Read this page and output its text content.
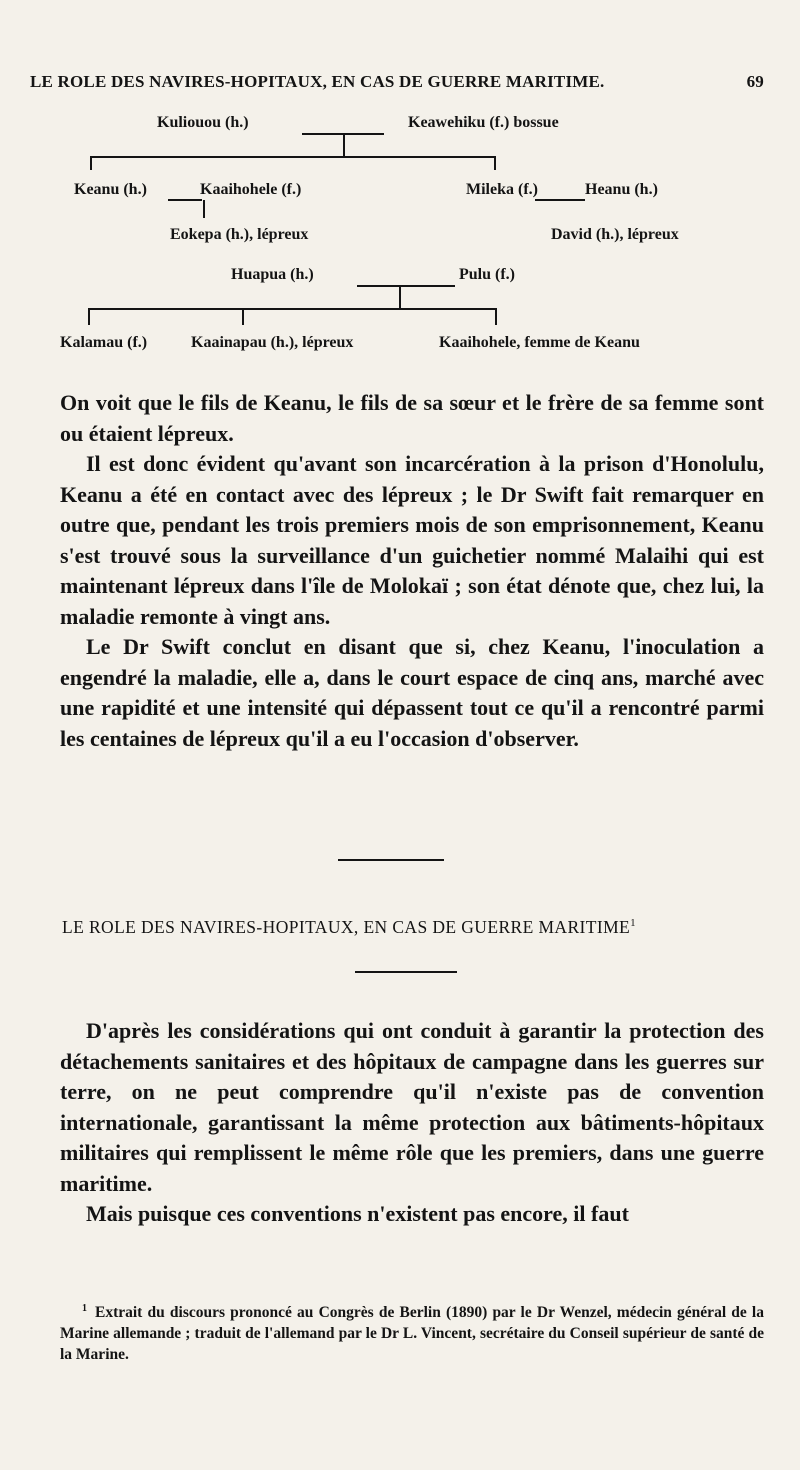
LE ROLE DES NAVIRES-HOPITAUX, EN CAS DE GUERRE MARITIME.	69
Kuliouou (h.)	Keawehiku (f.) bossue
Keanu (h.)	Kaaihohele (f.)	Mileka (f.)	Heanu (h.)
Eokepa (h.), lépreux	David (h.), lépreux
Huapua (h.)	Pulu (f.)
Kalamau (f.)	Kaainapau (h.), lépreux	Kaaihohele, femme de Keanu

On voit que le fils de Keanu, le fils de sa sœur et le frère de sa femme sont ou étaient lépreux.

Il est donc évident qu'avant son incarcération à la prison d'Honolulu, Keanu a été en contact avec des lépreux ; le Dr Swift fait remarquer en outre que, pendant les trois premiers mois de son emprisonnement, Keanu s'est trouvé sous la surveillance d'un guichetier nommé Malaihi qui est maintenant lépreux dans l'île de Molokaï ; son état dénote que, chez lui, la maladie remonte à vingt ans.

Le Dr Swift conclut en disant que si, chez Keanu, l'inoculation a engendré la maladie, elle a, dans le court espace de cinq ans, marché avec une rapidité et une intensité qui dépassent tout ce qu'il a rencontré parmi les centaines de lépreux qu'il a eu l'occasion d'observer.

LE ROLE DES NAVIRES-HOPITAUX, EN CAS DE GUERRE MARITIME$^1$

D'après les considérations qui ont conduit à garantir la protection des détachements sanitaires et des hôpitaux de campagne dans les guerres sur terre, on ne peut comprendre qu'il n'existe pas de convention internationale, garantissant la même protection aux bâtiments-hôpitaux militaires qui remplissent le même rôle que les premiers, dans une guerre maritime.

Mais puisque ces conventions n'existent pas encore, il faut

$^1$ Extrait du discours prononcé au Congrès de Berlin (1890) par le Dr Wenzel, médecin général de la Marine allemande ; traduit de l'allemand par le Dr L. Vincent, secrétaire du Conseil supérieur de santé de la Marine.
